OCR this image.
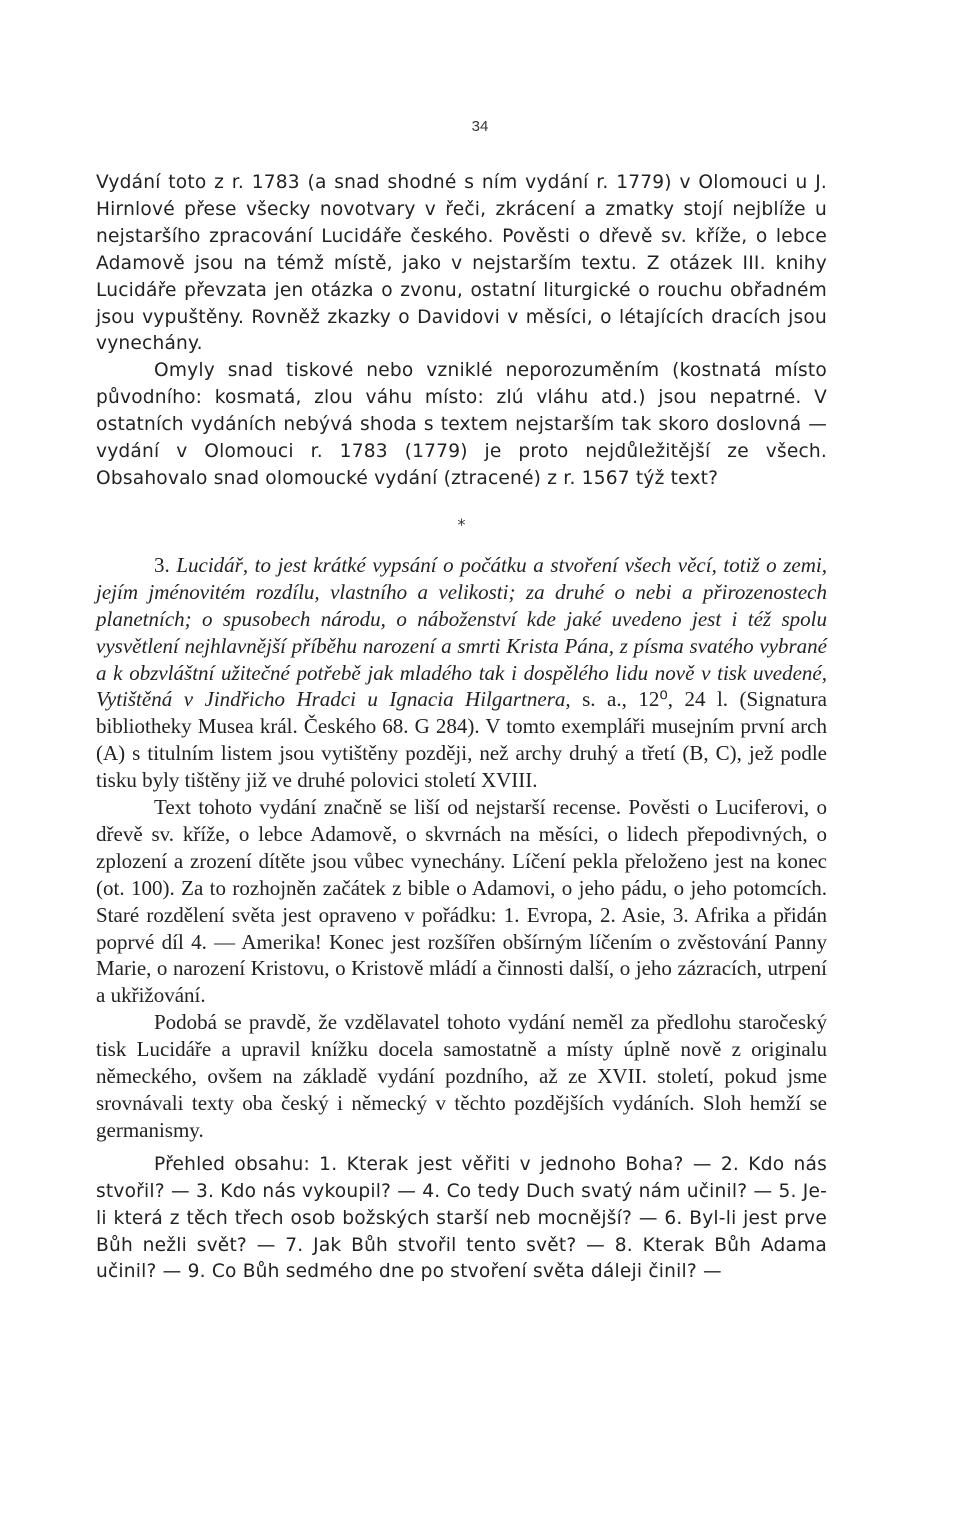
34

Vydání toto z r. 1783 (a snad shodné s ním vydání r. 1779) v Olomouci u J. Hirnlové přese všecky novotvary v řeči, zkrácení a zmatky stojí nejblíže u nejstaršího zpracování Lucidáře českého. Pověsti o dřevě sv. kříže, o lebce Adamově jsou na témž místě, jako v nejstarším textu. Z otázek III. knihy Lucidáře převzata jen otázka o zvonu, ostatní liturgické o rouchu obřadném jsou vypuštěny. Rovněž zkazky o Davidovi v měsíci, o létajících dracích jsou vynechány.

Omyly snad tiskové nebo vzniklé neporozuměním (kostnatá místo původního: kosmatá, zlou váhu místo: zlú vláhu atd.) jsou nepatrné. V ostatních vydáních nebývá shoda s textem nejstarším tak skoro doslovná — vydání v Olomouci r. 1783 (1779) je proto nejdůležitější ze všech. Obsahovalo snad olomoucké vydání (ztracené) z r. 1567 týž text?

*

3. Lucidář, to jest krátké vypsání o počátku a stvoření všech věcí, totiž o zemi, jejím jménovitém rozdílu, vlastního a velikosti; za druhé o nebi a přirozenostech planetních; o spusobech národu, o náboženství kde jaké uvedeno jest i též spolu vysvětlení nejhlavnější příběhu narození a smrti Krista Pána, z písma svatého vybrané a k obzvláštní užitečné potřebě jak mladého tak i dospělého lidu nově v tisk uvedené, Vytištěná v Jindřicho Hradci u Ignacia Hilgartnera, s. a., 12⁰, 24 l. (Signatura bibliotheky Musea král. Českého 68. G 284). V tomto exempláři musejním první arch (A) s titulním listem jsou vytištěny později, než archy druhý a třetí (B, C), jež podle tisku byly tištěny již ve druhé polovici století XVIII.

Text tohoto vydání značně se liší od nejstarší recense. Pověsti o Luciferovi, o dřevě sv. kříže, o lebce Adamově, o skvrnách na měsíci, o lidech přepodivných, o zplození a zrození dítěte jsou vůbec vynechány. Líčení pekla přeloženo jest na konec (ot. 100). Za to rozhojněn začátek z bible o Adamovi, o jeho pádu, o jeho potomcích. Staré rozdělení světa jest opraveno v pořádku: 1. Evropa, 2. Asie, 3. Afrika a přidán poprvé díl 4. — Amerika! Konec jest rozšířen obšírným líčením o zvěstování Panny Marie, o narození Kristovu, o Kristově mládí a činnosti další, o jeho zázracích, utrpení a ukřižování.

Podobá se pravdě, že vzdělavatel tohoto vydání neměl za předlohu staročeský tisk Lucidáře a upravil knížku docela samostatně a místy úplně nově z originalu německého, ovšem na základě vydání pozdního, až ze XVII. století, pokud jsme srovnávali texty oba český i německý v těchto pozdějších vydáních. Sloh hemží se germanismy.

Přehled obsahu: 1. Kterak jest věřiti v jednoho Boha? — 2. Kdo nás stvořil? — 3. Kdo nás vykoupil? — 4. Co tedy Duch svatý nám učinil? — 5. Je-li která z těch třech osob božských starší neb mocnější? — 6. Byl-li jest prve Bůh nežli svět? — 7. Jak Bůh stvořil tento svět? — 8. Kterak Bůh Adama učinil? — 9. Co Bůh sedmého dne po stvoření světa dáleji činil? —
